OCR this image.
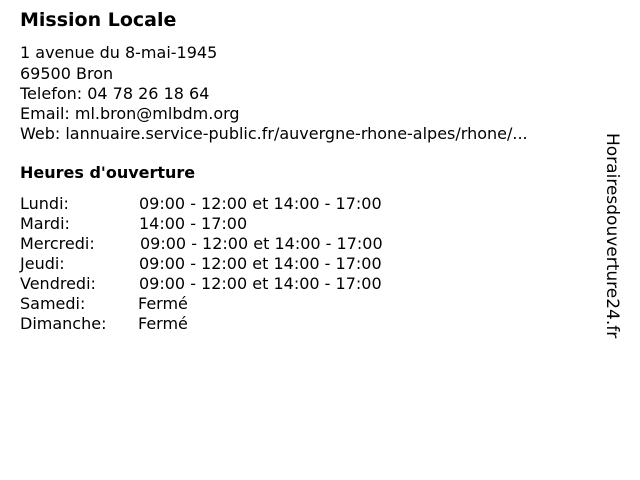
Mission Locale
1 avenue du 8-mai-1945
69500 Bron
Telefon: 04 78 26 18 64
Email: ml.bron@mlbdm.org
Web: lannuaire.service-public.fr/auvergne-rhone-alpes/rhone/...
Heures d'ouverture
Lundi:	09:00 - 12:00 et 14:00 - 17:00
Mardi:	14:00 - 17:00
Mercredi:	09:00 - 12:00 et 14:00 - 17:00
Jeudi:	09:00 - 12:00 et 14:00 - 17:00
Vendredi:	09:00 - 12:00 et 14:00 - 17:00
Samedi:	Fermé
Dimanche: Fermé	Horairesdouverture24.fr
